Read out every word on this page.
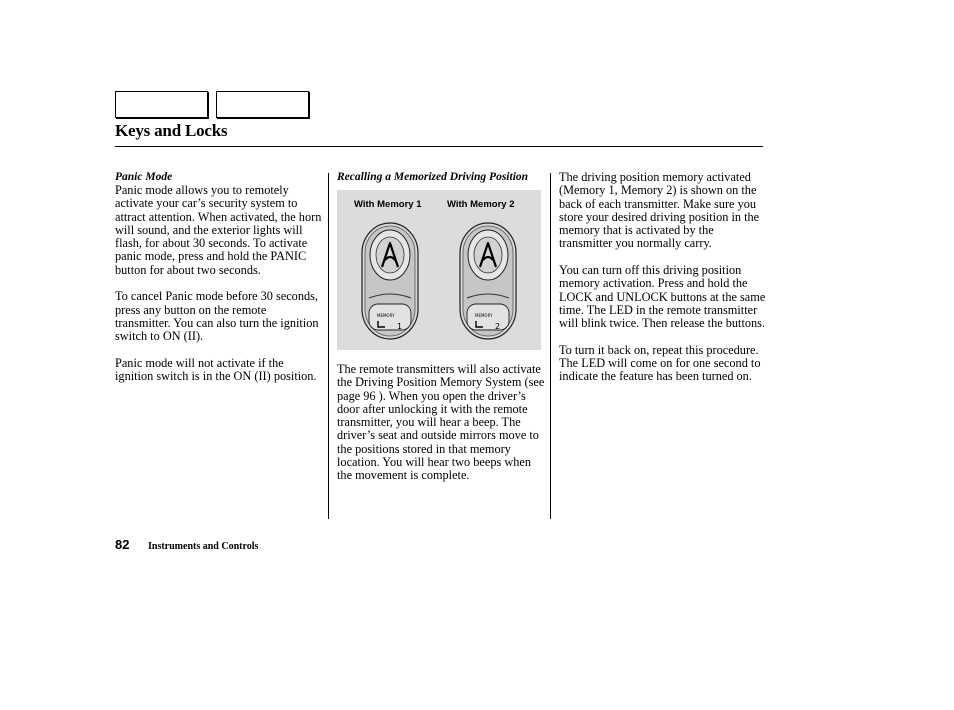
Keys and Locks
Panic Mode

Panic mode allows you to remotely activate your car’s security system to attract attention. When activated, the horn will sound, and the exterior lights will flash, for about 30 seconds. To activate panic mode, press and hold the PANIC button for about two seconds.

To cancel Panic mode before 30 seconds, press any button on the remote transmitter. You can also turn the ignition switch to ON (II).

Panic mode will not activate if the ignition switch is in the ON (II) position.

Recalling a Memorized Driving Position
With Memory 1	With Memory 2
MEMORY
1
MEMORY
2

The remote transmitters will also activate the Driving Position Memory System (see page 96 ). When you open the driver’s door after unlocking it with the remote transmitter, you will hear a beep. The driver’s seat and outside mirrors move to the positions stored in that memory location. You will hear two beeps when the movement is complete.

The driving position memory activated (Memory 1, Memory 2) is shown on the back of each transmitter. Make sure you store your desired driving position in the memory that is activated by the transmitter you normally carry.

You can turn off this driving position memory activation. Press and hold the LOCK and UNLOCK buttons at the same time. The LED in the remote transmitter will blink twice. Then release the buttons.

To turn it back on, repeat this procedure. The LED will come on for one second to indicate the feature has been turned on.

82 Instruments and Controls
